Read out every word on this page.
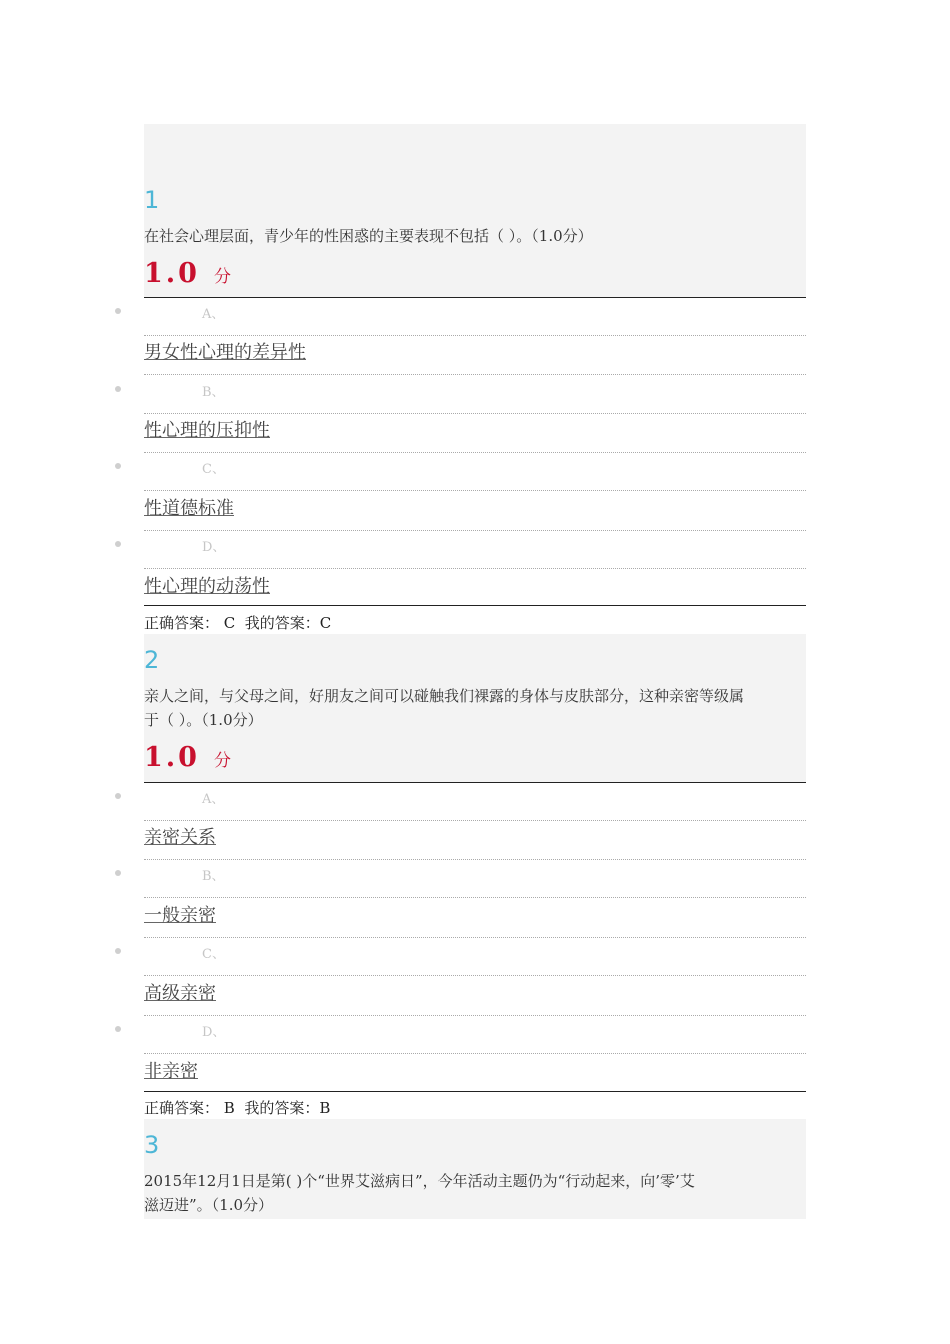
1
在社会心理层面，青少年的性困惑的主要表现不包括（ ）。（1.0分）
1.0 分
A、
男女性心理的差异性
B、
性心理的压抑性
C、
性道德标准
D、
性心理的动荡性
正确答案： C  我的答案：C
2
亲人之间，与父母之间，好朋友之间可以碰触我们裸露的身体与皮肤部分，这种亲密等级属
于（ ）。（1.0分）
1.0 分
A、
亲密关系
B、
一般亲密
C、
高级亲密
D、
非亲密
正确答案： B  我的答案：B
3
2015年12月1日是第( )个“世界艾滋病日”，今年活动主题仍为“行动起来，向’零’艾
滋迈进”。（1.0分）
